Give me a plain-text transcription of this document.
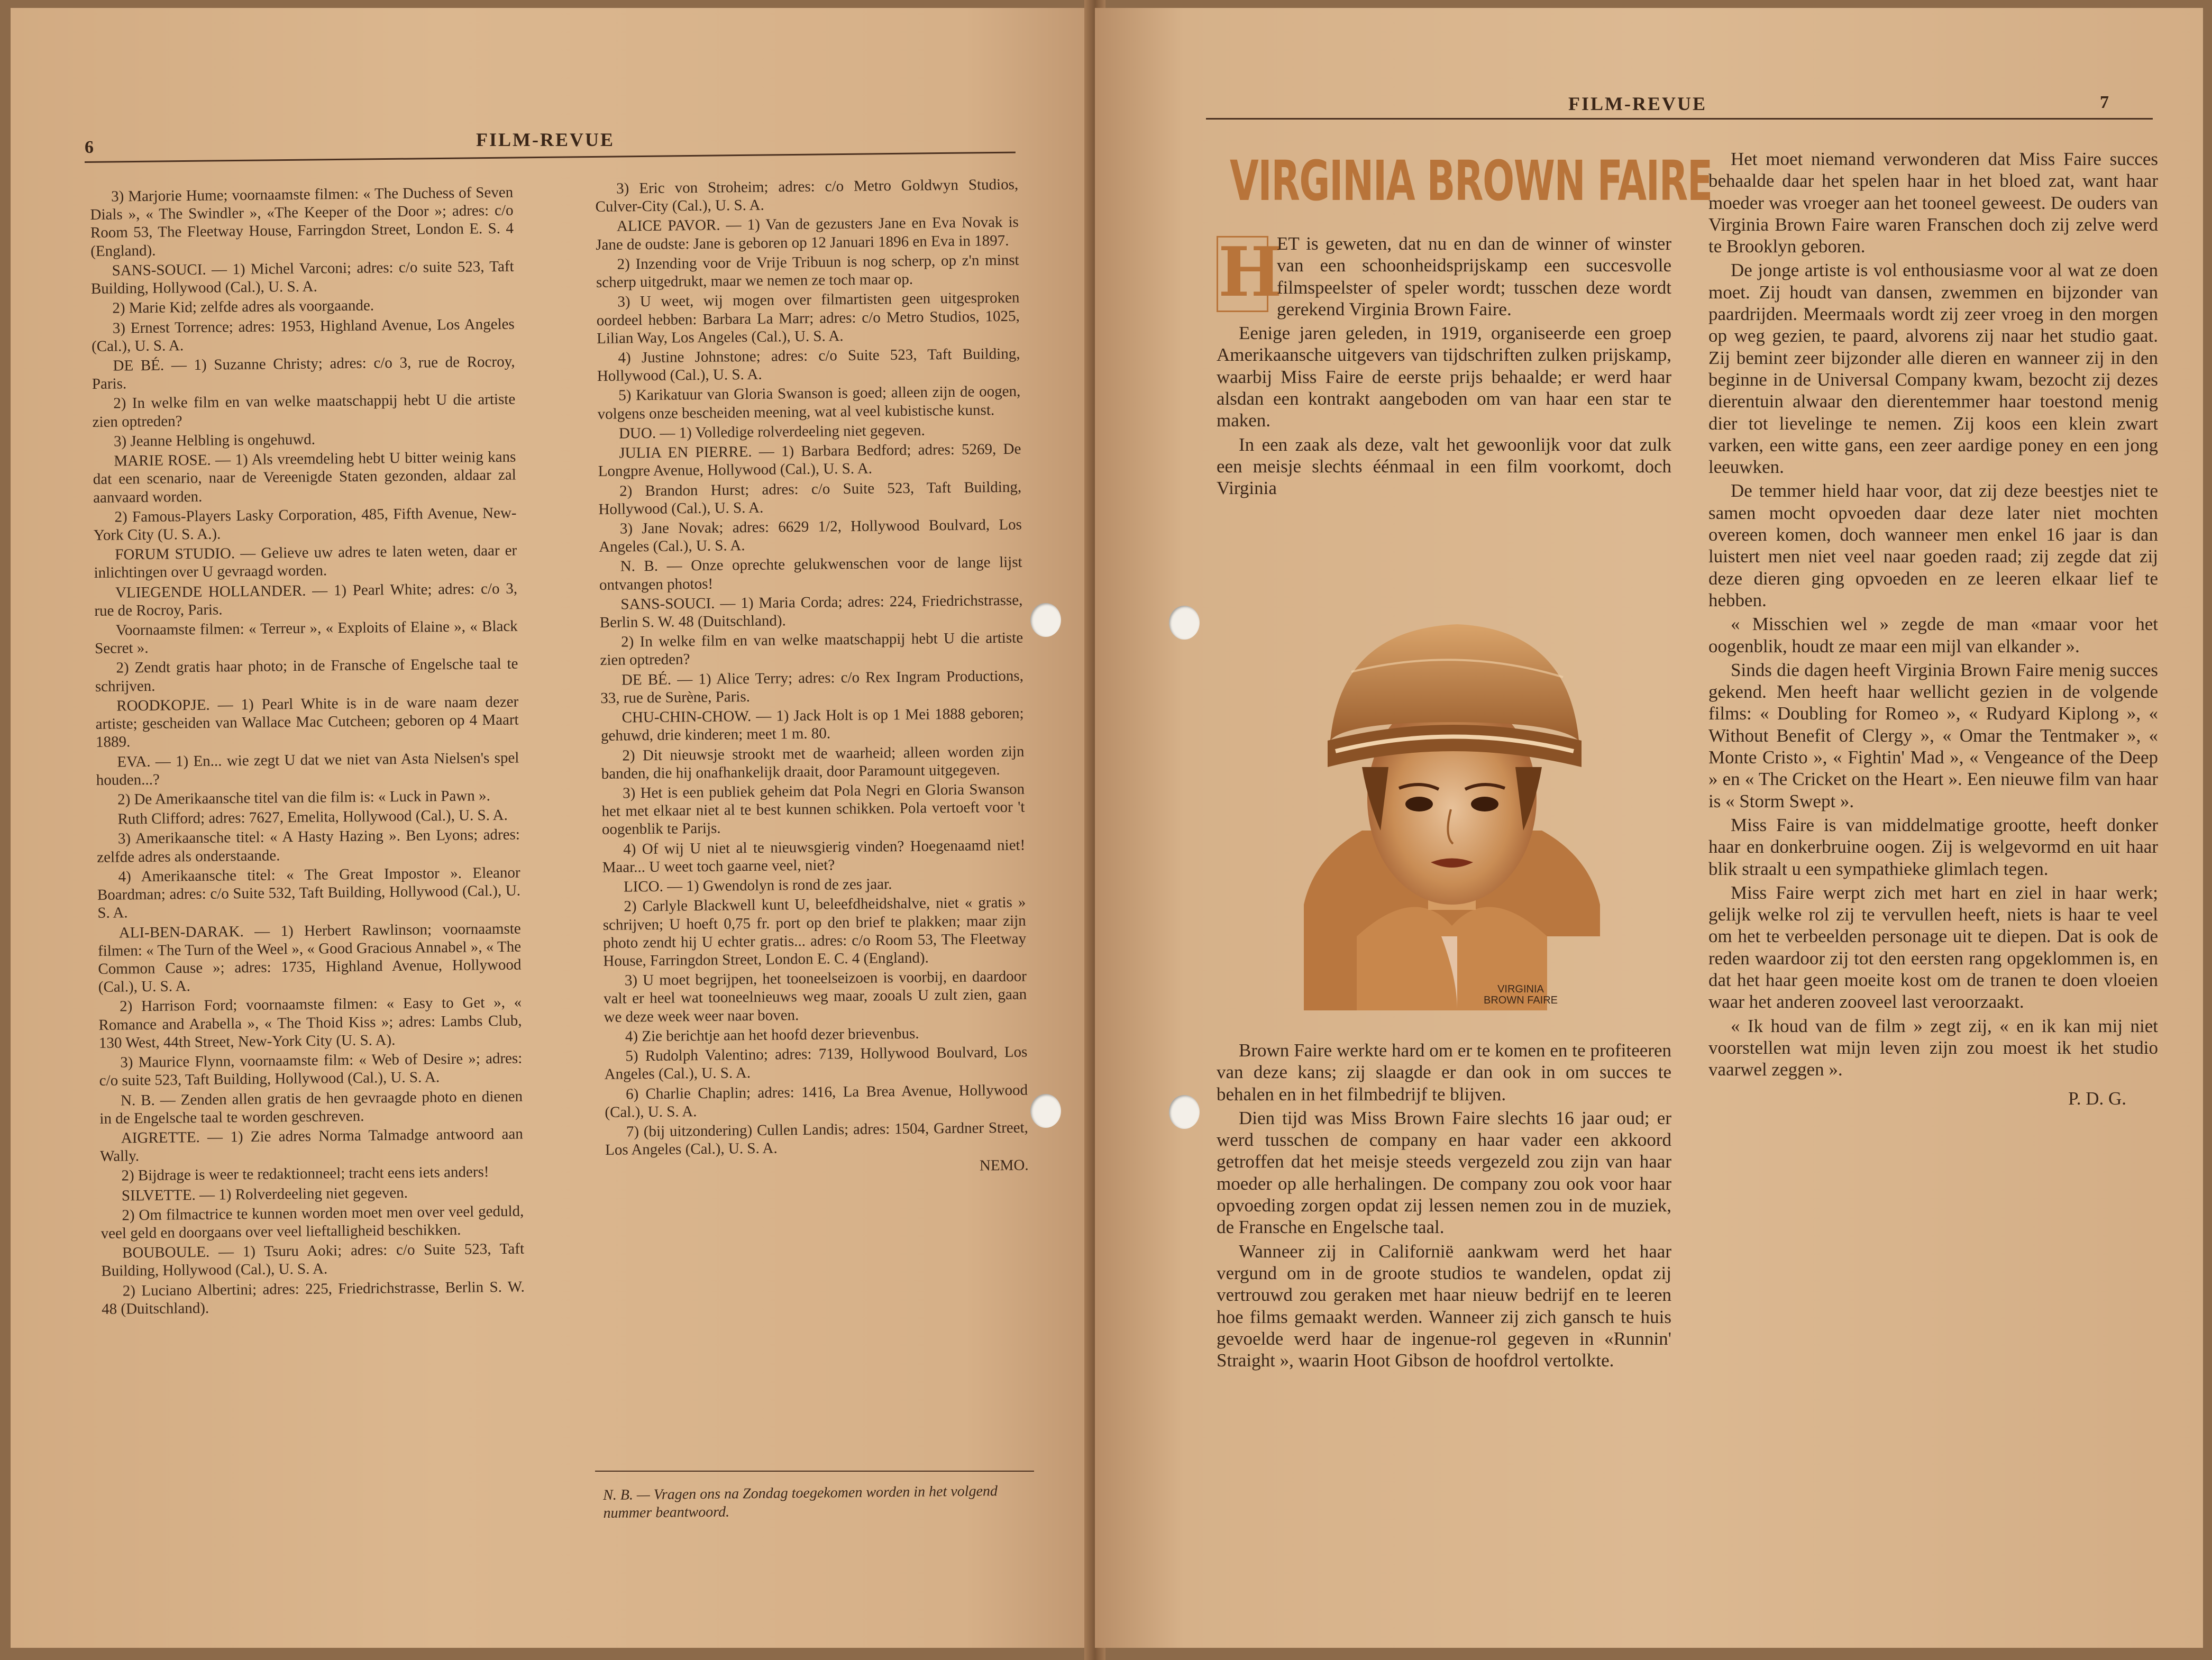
6	FILM-REVUE

3) Marjorie Hume; voornaamste filmen: « The Duchess of Seven Dials », « The Swindler », «The Keeper of the Door »; adres: c/o Room 53, The Fleetway House, Farringdon Street, London E. S. 4 (England).

SANS-SOUCI. — 1) Michel Varconi; adres: c/o suite 523, Taft Building, Hollywood (Cal.), U. S. A.

2) Marie Kid; zelfde adres als voorgaande.

3) Ernest Torrence; adres: 1953, Highland Avenue, Los Angeles (Cal.), U. S. A.

DE BÉ. — 1) Suzanne Christy; adres: c/o 3, rue de Rocroy, Paris.

2) In welke film en van welke maatschappij hebt U die artiste zien optreden?

3) Jeanne Helbling is ongehuwd.

MARIE ROSE. — 1) Als vreemdeling hebt U bitter weinig kans dat een scenario, naar de Vereenigde Staten gezonden, aldaar zal aanvaard worden.

2) Famous-Players Lasky Corporation, 485, Fifth Avenue, New-York City (U. S. A.).

FORUM STUDIO. — Gelieve uw adres te laten weten, daar er inlichtingen over U gevraagd worden.

VLIEGENDE HOLLANDER. — 1) Pearl White; adres: c/o 3, rue de Rocroy, Paris.

Voornaamste filmen: « Terreur », « Exploits of Elaine », « Black Secret ».

2) Zendt gratis haar photo; in de Fransche of Engelsche taal te schrijven.

ROODKOPJE. — 1) Pearl White is in de ware naam dezer artiste; gescheiden van Wallace Mac Cutcheen; geboren op 4 Maart 1889.

EVA. — 1) En... wie zegt U dat we niet van Asta Nielsen's spel houden...?

2) De Amerikaansche titel van die film is: « Luck in Pawn ».

Ruth Clifford; adres: 7627, Emelita, Hollywood (Cal.), U. S. A.

3) Amerikaansche titel: « A Hasty Hazing ». Ben Lyons; adres: zelfde adres als onderstaande.

4) Amerikaansche titel: « The Great Impostor ». Eleanor Boardman; adres: c/o Suite 532, Taft Building, Hollywood (Cal.), U. S. A.

ALI-BEN-DARAK. — 1) Herbert Rawlinson; voornaamste filmen: « The Turn of the Weel », « Good Gracious Annabel », « The Common Cause »; adres: 1735, Highland Avenue, Hollywood (Cal.), U. S. A.

2) Harrison Ford; voornaamste filmen: « Easy to Get », « Romance and Arabella », « The Thoid Kiss »; adres: Lambs Club, 130 West, 44th Street, New-York City (U. S. A).

3) Maurice Flynn, voornaamste film: « Web of Desire »; adres: c/o suite 523, Taft Building, Hollywood (Cal.), U. S. A.

N. B. — Zenden allen gratis de hen gevraagde photo en dienen in de Engelsche taal te worden geschreven.

AIGRETTE. — 1) Zie adres Norma Talmadge antwoord aan Wally.

2) Bijdrage is weer te redaktionneel; tracht eens iets anders!

SILVETTE. — 1) Rolverdeeling niet gegeven.

2) Om filmactrice te kunnen worden moet men over veel geduld, veel geld en doorgaans over veel lieftalligheid beschikken.

BOUBOULE. — 1) Tsuru Aoki; adres: c/o Suite 523, Taft Building, Hollywood (Cal.), U. S. A.

2) Luciano Albertini; adres: 225, Friedrichstrasse, Berlin S. W. 48 (Duitschland).

3) Eric von Stroheim; adres: c/o Metro Goldwyn Studios, Culver-City (Cal.), U. S. A.

ALICE PAVOR. — 1) Van de gezusters Jane en Eva Novak is Jane de oudste: Jane is geboren op 12 Januari 1896 en Eva in 1897.

2) Inzending voor de Vrije Tribuun is nog scherp, op z'n minst scherp uitgedrukt, maar we nemen ze toch maar op.

3) U weet, wij mogen over filmartisten geen uitgesproken oordeel hebben: Barbara La Marr; adres: c/o Metro Studios, 1025, Lilian Way, Los Angeles (Cal.), U. S. A.

4) Justine Johnstone; adres: c/o Suite 523, Taft Building, Hollywood (Cal.), U. S. A.

5) Karikatuur van Gloria Swanson is goed; alleen zijn de oogen, volgens onze bescheiden meening, wat al veel kubistische kunst.

DUO. — 1) Volledige rolverdeeling niet gegeven.

JULIA EN PIERRE. — 1) Barbara Bedford; adres: 5269, De Longpre Avenue, Hollywood (Cal.), U. S. A.

2) Brandon Hurst; adres: c/o Suite 523, Taft Building, Hollywood (Cal.), U. S. A.

3) Jane Novak; adres: 6629 1/2, Hollywood Boulvard, Los Angeles (Cal.), U. S. A.

N. B. — Onze oprechte gelukwenschen voor de lange lijst ontvangen photos!

SANS-SOUCI. — 1) Maria Corda; adres: 224, Friedrichstrasse, Berlin S. W. 48 (Duitschland).

2) In welke film en van welke maatschappij hebt U die artiste zien optreden?

DE BÉ. — 1) Alice Terry; adres: c/o Rex Ingram Productions, 33, rue de Surène, Paris.

CHU-CHIN-CHOW. — 1) Jack Holt is op 1 Mei 1888 geboren; gehuwd, drie kinderen; meet 1 m. 80.

2) Dit nieuwsje strookt met de waarheid; alleen worden zijn banden, die hij onafhankelijk draait, door Paramount uitgegeven.

3) Het is een publiek geheim dat Pola Negri en Gloria Swanson het met elkaar niet al te best kunnen schikken. Pola vertoeft voor 't oogenblik te Parijs.

4) Of wij U niet al te nieuwsgierig vinden? Hoegenaamd niet! Maar... U weet toch gaarne veel, niet?

LICO. — 1) Gwendolyn is rond de zes jaar.

2) Carlyle Blackwell kunt U, beleefdheidshalve, niet « gratis » schrijven; U hoeft 0,75 fr. port op den brief te plakken; maar zijn photo zendt hij U echter gratis... adres: c/o Room 53, The Fleetway House, Farringdon Street, London E. C. 4 (England).

3) U moet begrijpen, het tooneelseizoen is voorbij, en daardoor valt er heel wat tooneelnieuws weg maar, zooals U zult zien, gaan we deze week weer naar boven.

4) Zie berichtje aan het hoofd dezer brievenbus.

5) Rudolph Valentino; adres: 7139, Hollywood Boulvard, Los Angeles (Cal.), U. S. A.

6) Charlie Chaplin; adres: 1416, La Brea Avenue, Hollywood (Cal.), U. S. A.

7) (bij uitzondering) Cullen Landis; adres: 1504, Gardner Street, Los Angeles (Cal.), U. S. A.

NEMO.

N. B. — Vragen ons na Zondag toegekomen worden in het volgend nummer beantwoord.
FILM-REVUE	7
VIRGINIA BROWN FAIRE

H
ET is geweten, dat nu en dan de winner of winster van een schoonheidsprijskamp een succesvolle filmspeelster of speler wordt; tusschen deze wordt gerekend Virginia Brown Faire.

Eenige jaren geleden, in 1919, organiseerde een groep Amerikaansche uitgevers van tijdschriften zulken prijskamp, waarbij Miss Faire de eerste prijs behaalde; er werd haar alsdan een kontrakt aangeboden om van haar een star te maken.

In een zaak als deze, valt het gewoonlijk voor dat zulk een meisje slechts éénmaal in een film voorkomt, doch Virginia

VIRGINIA BROWN FAIRE

Brown Faire werkte hard om er te komen en te profiteeren van deze kans; zij slaagde er dan ook in om succes te behalen en in het filmbedrijf te blijven.

Dien tijd was Miss Brown Faire slechts 16 jaar oud; er werd tusschen de company en haar vader een akkoord getroffen dat het meisje steeds vergezeld zou zijn van haar moeder op alle herhalingen. De company zou ook voor haar opvoeding zorgen opdat zij lessen nemen zou in de muziek, de Fransche en Engelsche taal.

Wanneer zij in Californië aankwam werd het haar vergund om in de groote studios te wandelen, opdat zij vertrouwd zou geraken met haar nieuw bedrijf en te leeren hoe films gemaakt werden. Wanneer zij zich gansch te huis gevoelde werd haar de ingenue-rol gegeven in «Runnin' Straight », waarin Hoot Gibson de hoofdrol vertolkte.

Het moet niemand verwonderen dat Miss Faire succes behaalde daar het spelen haar in het bloed zat, want haar moeder was vroeger aan het tooneel geweest. De ouders van Virginia Brown Faire waren Franschen doch zij zelve werd te Brooklyn geboren.

De jonge artiste is vol enthousiasme voor al wat ze doen moet. Zij houdt van dansen, zwemmen en bijzonder van paardrijden. Meermaals wordt zij zeer vroeg in den morgen op weg gezien, te paard, alvorens zij naar het studio gaat. Zij bemint zeer bijzonder alle dieren en wanneer zij in den beginne in de Universal Company kwam, bezocht zij dezes dierentuin alwaar den dierentemmer haar toestond menig dier tot lievelinge te nemen. Zij koos een klein zwart varken, een witte gans, een zeer aardige poney en een jong leeuwken.

De temmer hield haar voor, dat zij deze beestjes niet te samen mocht opvoeden daar deze later niet mochten overeen komen, doch wanneer men enkel 16 jaar is dan luistert men niet veel naar goeden raad; zij zegde dat zij deze dieren ging opvoeden en ze leeren elkaar lief te hebben.

« Misschien wel » zegde de man «maar voor het oogenblik, houdt ze maar een mijl van elkander ».

Sinds die dagen heeft Virginia Brown Faire menig succes gekend. Men heeft haar wellicht gezien in de volgende films: « Doubling for Romeo », « Rudyard Kiplong », « Without Benefit of Clergy », « Omar the Tentmaker », « Monte Cristo », « Fightin' Mad », « Vengeance of the Deep » en « The Cricket on the Heart ». Een nieuwe film van haar is « Storm Swept ».

Miss Faire is van middelmatige grootte, heeft donker haar en donkerbruine oogen. Zij is welgevormd en uit haar blik straalt u een sympathieke glimlach tegen.

Miss Faire werpt zich met hart en ziel in haar werk; gelijk welke rol zij te vervullen heeft, niets is haar te veel om het te verbeelden personage uit te diepen. Dat is ook de reden waardoor zij tot den eersten rang opgeklommen is, en dat het haar geen moeite kost om de tranen te doen vloeien waar het anderen zooveel last veroorzaakt.

« Ik houd van de film » zegt zij, « en ik kan mij niet voorstellen wat mijn leven zijn zou moest ik het studio vaarwel zeggen ».

P. D. G.
